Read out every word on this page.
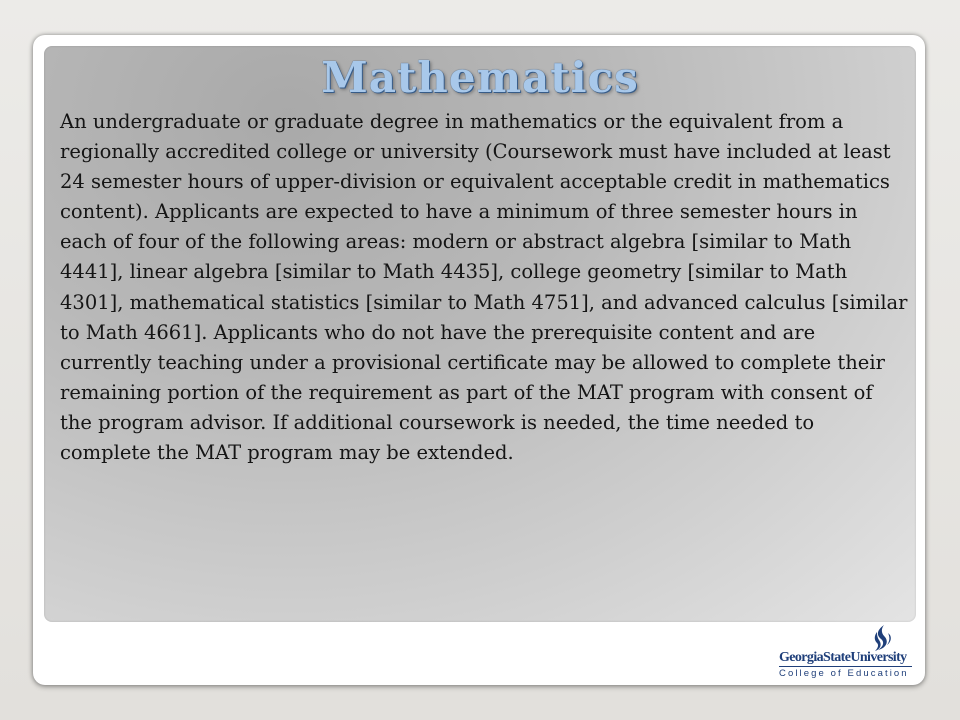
Mathematics

An undergraduate or graduate degree in mathematics or the equivalent from a regionally accredited college or university (Coursework must have included at least 24 semester hours of upper-division or equivalent acceptable credit in mathematics content). Applicants are expected to have a minimum of three semester hours in each of four of the following areas: modern or abstract algebra [similar to Math 4441], linear algebra [similar to Math 4435], college geometry [similar to Math 4301], mathematical statistics [similar to Math 4751], and advanced calculus [similar to Math 4661]. Applicants who do not have the prerequisite content and are currently teaching under a provisional certificate may be allowed to complete their remaining portion of the requirement as part of the MAT program with consent of the program advisor. If additional coursework is needed, the time needed to complete the MAT program may be extended.

GeorgiaStateUniversity
College of Education
